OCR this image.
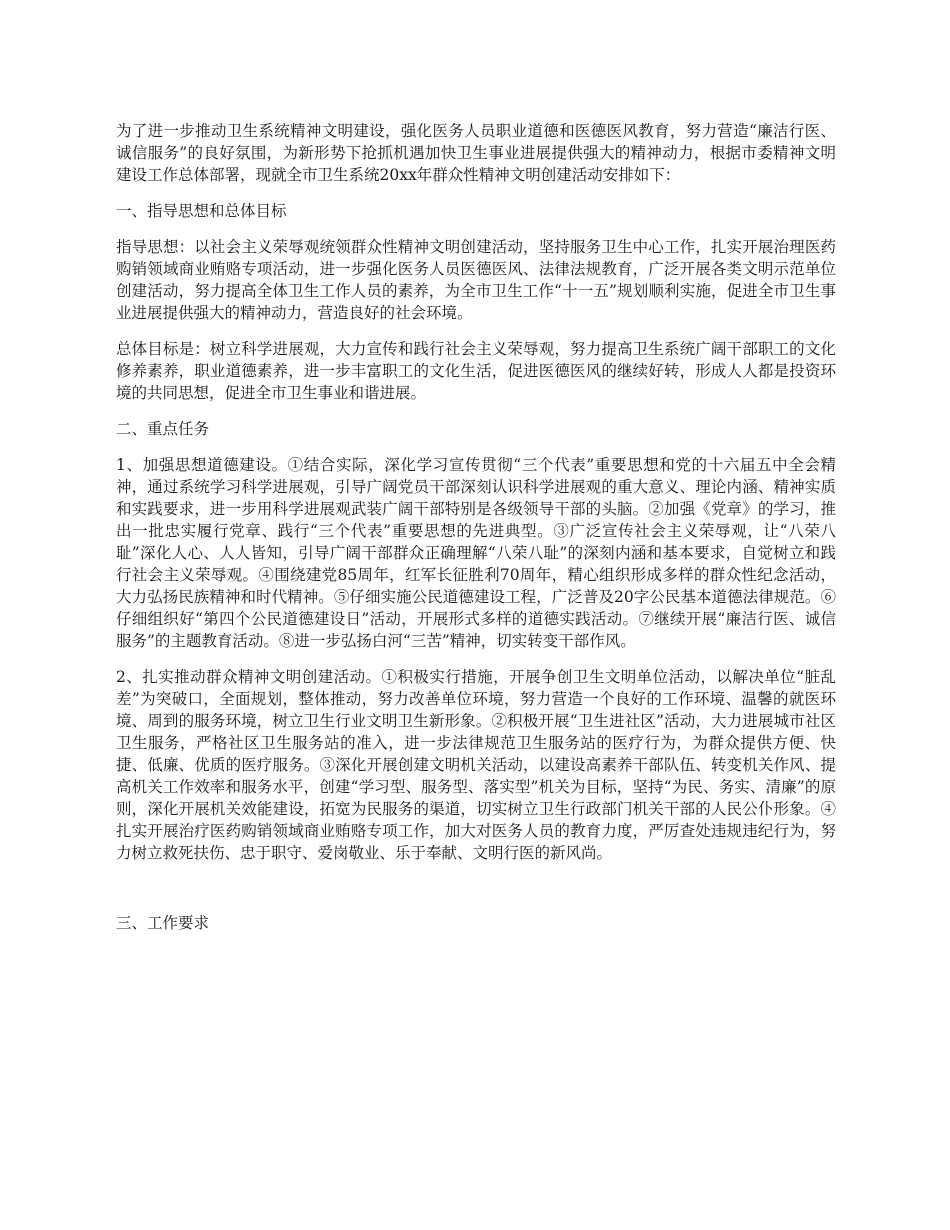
为了进一步推动卫生系统精神文明建设，强化医务人员职业道德和医德医风教育，努力营造“廉洁行医、诚信服务”的良好氛围，为新形势下抢抓机遇加快卫生事业进展提供强大的精神动力，根据市委精神文明建设工作总体部署，现就全市卫生系统20xx年群众性精神文明创建活动安排如下：

一、指导思想和总体目标

指导思想：以社会主义荣辱观统领群众性精神文明创建活动，坚持服务卫生中心工作，扎实开展治理医药购销领域商业贿赂专项活动，进一步强化医务人员医德医风、法律法规教育，广泛开展各类文明示范单位创建活动，努力提高全体卫生工作人员的素养，为全市卫生工作“十一五”规划顺利实施，促进全市卫生事业进展提供强大的精神动力，营造良好的社会环境。

总体目标是：树立科学进展观，大力宣传和践行社会主义荣辱观，努力提高卫生系统广阔干部职工的文化修养素养，职业道德素养，进一步丰富职工的文化生活，促进医德医风的继续好转，形成人人都是投资环境的共同思想，促进全市卫生事业和谐进展。

二、重点任务

1、加强思想道德建设。①结合实际，深化学习宣传贯彻“三个代表”重要思想和党的十六届五中全会精神，通过系统学习科学进展观，引导广阔党员干部深刻认识科学进展观的重大意义、理论内涵、精神实质和实践要求，进一步用科学进展观武装广阔干部特别是各级领导干部的头脑。②加强《党章》的学习，推出一批忠实履行党章、践行“三个代表”重要思想的先进典型。③广泛宣传社会主义荣辱观，让“八荣八耻”深化人心、人人皆知，引导广阔干部群众正确理解“八荣八耻”的深刻内涵和基本要求，自觉树立和践行社会主义荣辱观。④围绕建党85周年，红军长征胜利70周年，精心组织形成多样的群众性纪念活动，大力弘扬民族精神和时代精神。⑤仔细实施公民道德建设工程，广泛普及20字公民基本道德法律规范。⑥仔细组织好“第四个公民道德建设日”活动，开展形式多样的道德实践活动。⑦继续开展“廉洁行医、诚信服务”的主题教育活动。⑧进一步弘扬白河“三苦”精神，切实转变干部作风。

2、扎实推动群众精神文明创建活动。①积极实行措施，开展争创卫生文明单位活动，以解决单位“脏乱差”为突破口，全面规划，整体推动，努力改善单位环境，努力营造一个良好的工作环境、温馨的就医环境、周到的服务环境，树立卫生行业文明卫生新形象。②积极开展“卫生进社区”活动，大力进展城市社区卫生服务，严格社区卫生服务站的准入，进一步法律规范卫生服务站的医疗行为，为群众提供方便、快捷、低廉、优质的医疗服务。③深化开展创建文明机关活动，以建设高素养干部队伍、转变机关作风、提高机关工作效率和服务水平，创建“学习型、服务型、落实型”机关为目标，坚持“为民、务实、清廉”的原则，深化开展机关效能建设，拓宽为民服务的渠道，切实树立卫生行政部门机关干部的人民公仆形象。④扎实开展治疗医药购销领域商业贿赂专项工作，加大对医务人员的教育力度，严厉查处违规违纪行为，努力树立救死扶伤、忠于职守、爱岗敬业、乐于奉献、文明行医的新风尚。

三、工作要求
